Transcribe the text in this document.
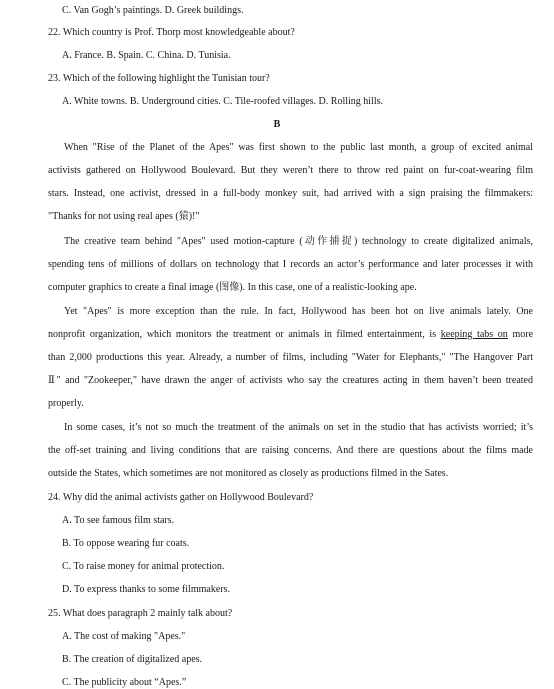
C. Van Gogh’s paintings. D. Greek buildings.
22. Which country is Prof. Thorp most knowledgeable about?
A. France. B. Spain. C. China. D. Tunisia.
23. Which of the following highlight the Tunisian tour?
A. White towns. B. Underground cities. C. Tile-roofed villages. D. Rolling hills.
B
When "Rise of the Planet of the Apes" was first shown to the public last month, a group of excited animal
activists gathered on Hollywood Boulevard. But they weren’t there to throw red paint on fur-coat-wearing film
stars. Instead, one activist, dressed in a full-body monkey suit, had arrived with a sign praising the filmmakers:
"Thanks for not using real apes (猿)!"
The creative team behind "Apes" used motion-capture (动作捕捉) technology to create digitalized animals,
spending tens of millions of dollars on technology that I records an actor’s performance and later processes it with
computer graphics to create a final image (图像). In this case, one of a realistic-looking ape.
Yet "Apes" is more exception than the rule. In fact, Hollywood has been hot on live animals lately. One
nonprofit organization, which monitors the treatment or animals in filmed entertainment, is keeping tabs on more
than 2,000 productions this year. Already, a number of films, including "Water for Elephants," "The Hangover Part
Ⅱ" and "Zookeeper," have drawn the anger of activists who say the creatures acting in them haven’t been treated
properly.
In some cases, it’s not so much the treatment of the animals on set in the studio that has activists worried; it’s
the off-set training and living conditions that are raising concerns. And there are questions about the films made
outside the States, which sometimes are not monitored as closely as productions filmed in the Sates.
24. Why did the animal activists gather on Hollywood Boulevard?
A. To see famous film stars.
B. To oppose wearing fur coats.
C. To raise money for animal protection.
D. To express thanks to some filmmakers.
25. What does paragraph 2 mainly talk about?
A. The cost of making "Apes."
B. The creation of digitalized apes.
C. The publicity about “Apes.”
